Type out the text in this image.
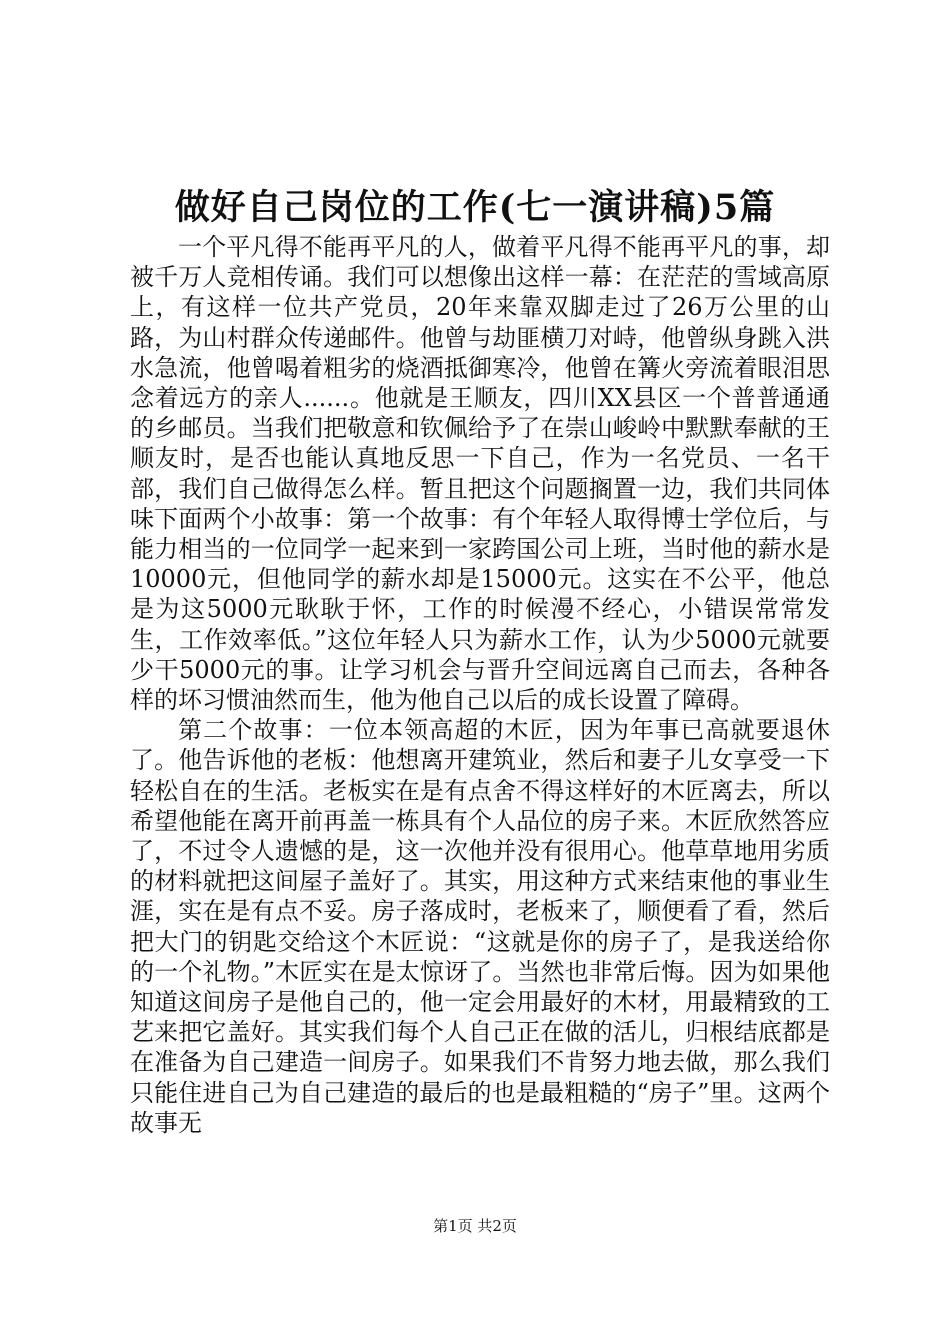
做好自己岗位的工作(七一演讲稿)5篇

一个平凡得不能再平凡的人，做着平凡得不能再平凡的事，却被千万人竞相传诵。我们可以想像出这样一幕：在茫茫的雪域高原上，有这样一位共产党员，20年来靠双脚走过了26万公里的山路，为山村群众传递邮件。他曾与劫匪横刀对峙，他曾纵身跳入洪水急流，他曾喝着粗劣的烧酒抵御寒冷，他曾在篝火旁流着眼泪思念着远方的亲人......。他就是王顺友，四川XX县区一个普普通通的乡邮员。当我们把敬意和钦佩给予了在崇山峻岭中默默奉献的王顺友时，是否也能认真地反思一下自己，作为一名党员、一名干部，我们自己做得怎么样。暂且把这个问题搁置一边，我们共同体味下面两个小故事：第一个故事：有个年轻人取得博士学位后，与能力相当的一位同学一起来到一家跨国公司上班，当时他的薪水是10000元，但他同学的薪水却是15000元。这实在不公平，他总是为这5000元耿耿于怀，工作的时候漫不经心，小错误常常发生，工作效率低。”这位年轻人只为薪水工作，认为少5000元就要少干5000元的事。让学习机会与晋升空间远离自己而去，各种各样的坏习惯油然而生，他为他自己以后的成长设置了障碍。

第二个故事：一位本领高超的木匠，因为年事已高就要退休了。他告诉他的老板：他想离开建筑业，然后和妻子儿女享受一下轻松自在的生活。老板实在是有点舍不得这样好的木匠离去，所以希望他能在离开前再盖一栋具有个人品位的房子来。木匠欣然答应了，不过令人遗憾的是，这一次他并没有很用心。他草草地用劣质的材料就把这间屋子盖好了。其实，用这种方式来结束他的事业生涯，实在是有点不妥。房子落成时，老板来了，顺便看了看，然后把大门的钥匙交给这个木匠说：“这就是你的房子了，是我送给你的一个礼物。”木匠实在是太惊讶了。当然也非常后悔。因为如果他知道这间房子是他自己的，他一定会用最好的木材，用最精致的工艺来把它盖好。其实我们每个人自己正在做的活儿，归根结底都是在准备为自己建造一间房子。如果我们不肯努力地去做，那么我们只能住进自己为自己建造的最后的也是最粗糙的“房子”里。这两个故事无

第1页 共2页
